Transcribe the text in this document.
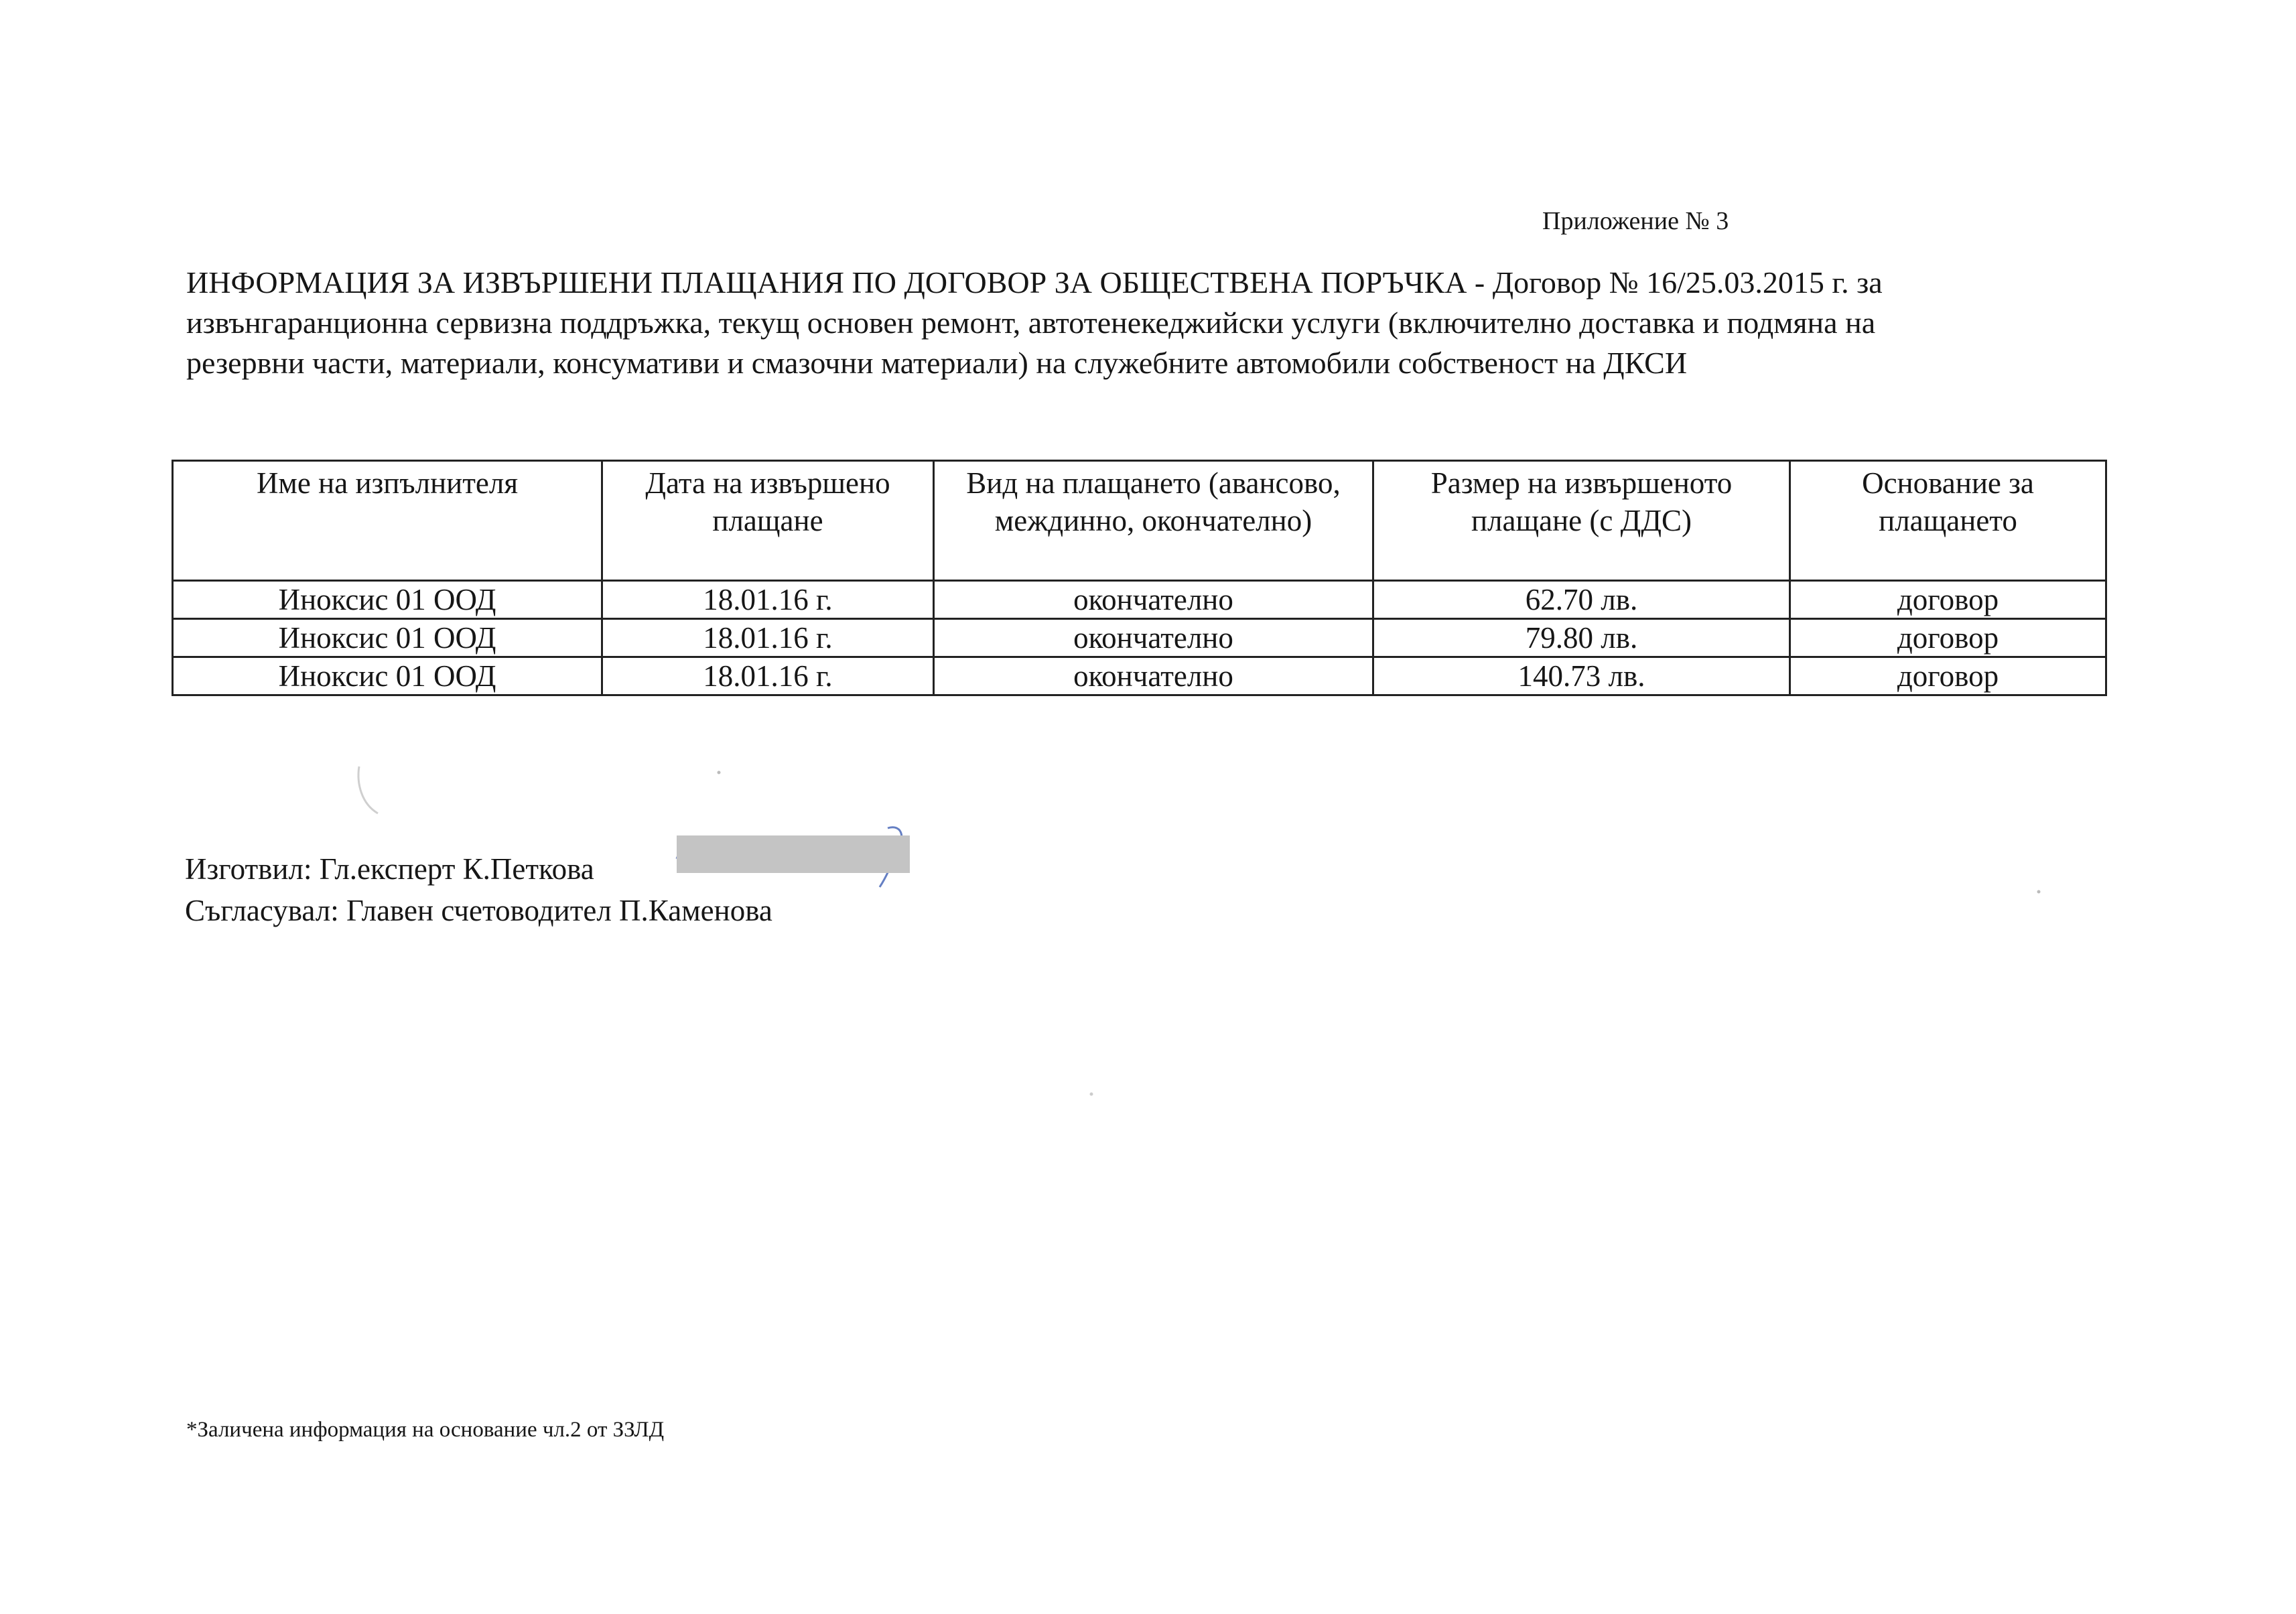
Приложение № 3
ИНФОРМАЦИЯ ЗА ИЗВЪРШЕНИ ПЛАЩАНИЯ ПО ДОГОВОР ЗА ОБЩЕСТВЕНА ПОРЪЧКА - Договор № 16/25.03.2015 г. за
извънгаранционна сервизна поддръжка, текущ основен ремонт, автотенекеджийски услуги (включително доставка и подмяна на
резервни части, материали, консумативи и смазочни материали) на служебните автомобили собственост на ДКСИ
Име на изпълнителя	Дата на извършено плащане	Вид на плащането (авансово, междинно, окончателно)	Размер на извършеното плащане (с ДДС)	Основание за плащането
Иноксис 01 ООД	18.01.16 г.	окончателно	62.70 лв.	договор
Иноксис 01 ООД	18.01.16 г.	окончателно	79.80 лв.	договор
Иноксис 01 ООД	18.01.16 г.	окончателно	140.73 лв.	договор
Изготвил: Гл.експерт К.Петкова
Съгласувал: Главен счетоводител П.Каменова
*Заличена информация на основание чл.2 от ЗЗЛД
